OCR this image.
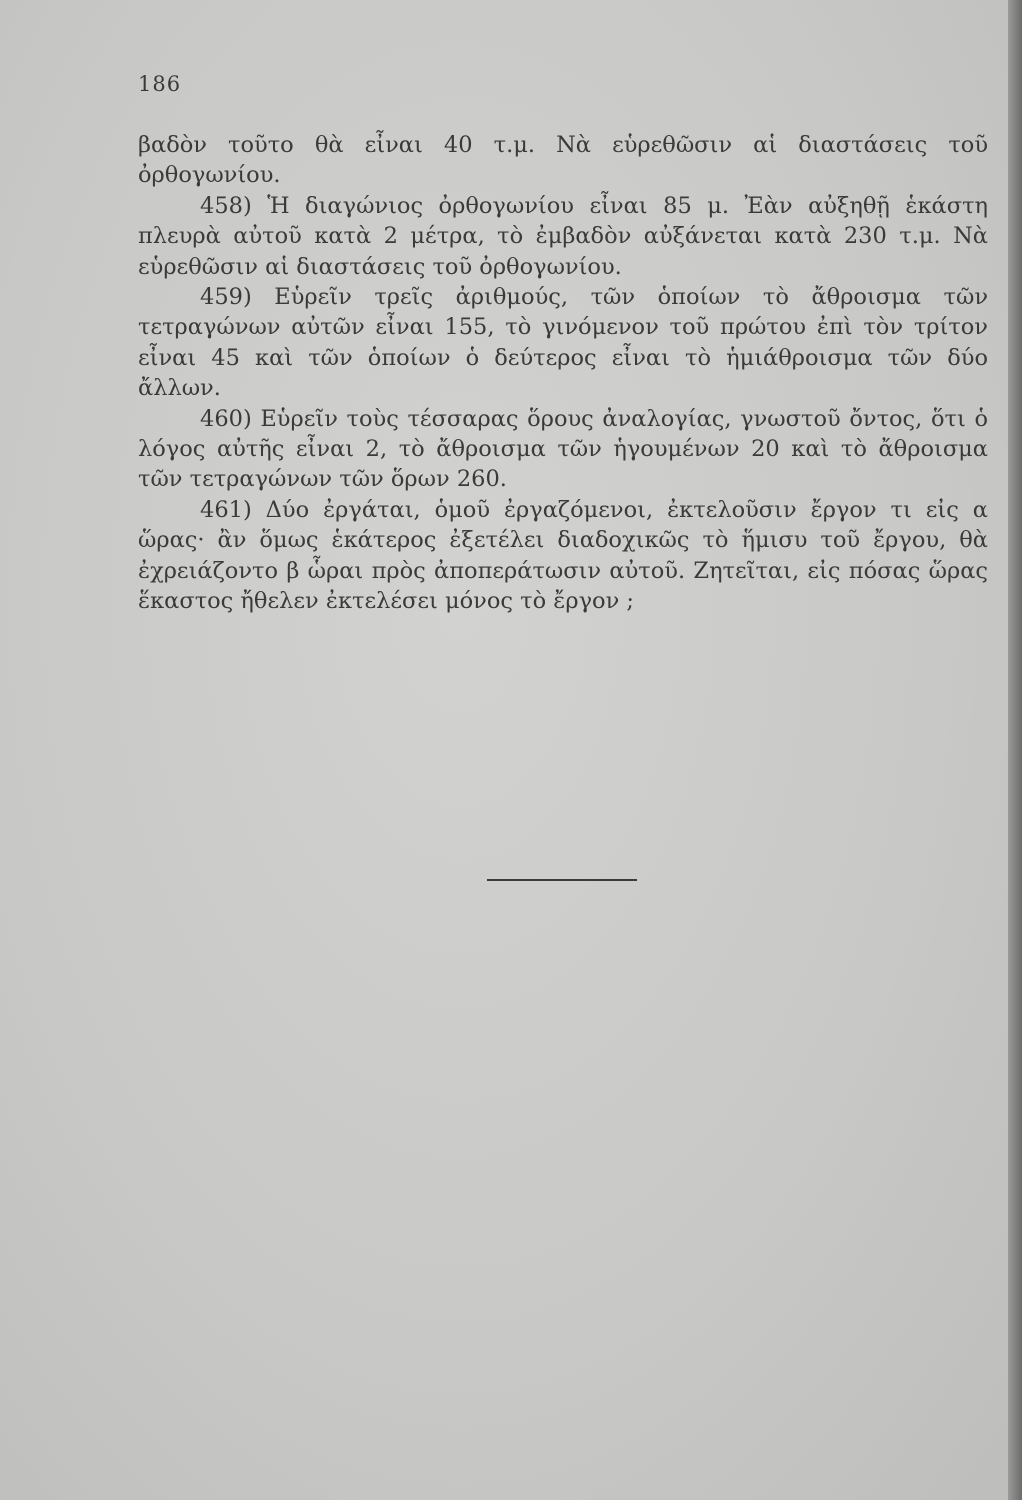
186

βαδὸν τοῦτο θὰ εἶναι 40 τ.μ. Νὰ εὑρεθῶσιν αἱ διαστάσεις τοῦ ὀρθογωνίου.

458) Ἡ διαγώνιος ὀρθογωνίου εἶναι 85 μ. Ἐὰν αὐξηθῇ ἑκάστη πλευρὰ αὐτοῦ κατὰ 2 μέτρα, τὸ ἐμβαδὸν αὐξάνεται κατὰ 230 τ.μ. Νὰ εὑρεθῶσιν αἱ διαστάσεις τοῦ ὀρθογωνίου.

459) Εὑρεῖν τρεῖς ἀριθμούς, τῶν ὁποίων τὸ ἄθροισμα τῶν τετραγώνων αὐτῶν εἶναι 155, τὸ γινόμενον τοῦ πρώτου ἐπὶ τὸν τρίτον εἶναι 45 καὶ τῶν ὁποίων ὁ δεύτερος εἶναι τὸ ἡμιάθροισμα τῶν δύο ἄλλων.

460) Εὑρεῖν τοὺς τέσσαρας ὅρους ἀναλογίας, γνωστοῦ ὄντος, ὅτι ὁ λόγος αὐτῆς εἶναι 2, τὸ ἄθροισμα τῶν ἡγουμένων 20 καὶ τὸ ἄθροισμα τῶν τετραγώνων τῶν ὅρων 260.

461) Δύο ἐργάται, ὁμοῦ ἐργαζόμενοι, ἐκτελοῦσιν ἔργον τι εἰς α ὥρας· ἂν ὅμως ἑκάτερος ἐξετέλει διαδοχικῶς τὸ ἥμισυ τοῦ ἔργου, θὰ ἐχρειάζοντο β ὧραι πρὸς ἀποπεράτωσιν αὐτοῦ. Ζητεῖται, εἰς πόσας ὥρας ἕκαστος ἤθελεν ἐκτελέσει μόνος τὸ ἔργον ;
